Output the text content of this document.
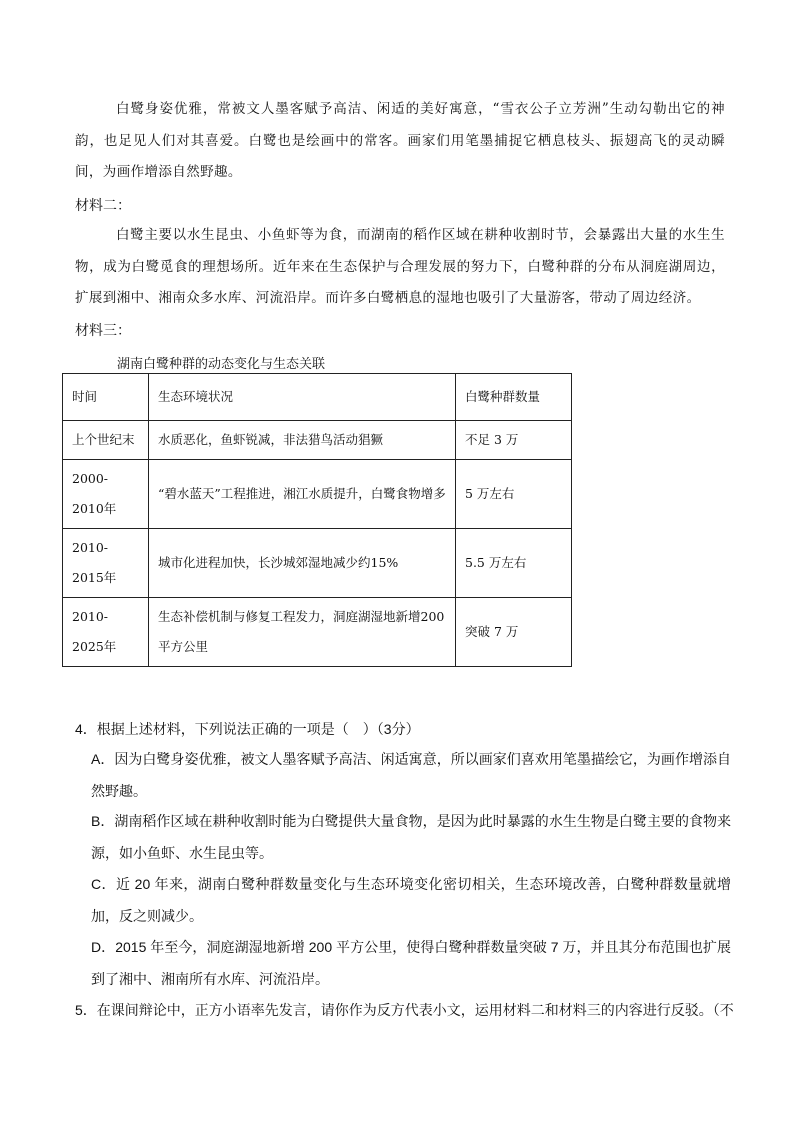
白鹭身姿优雅，常被文人墨客赋予高洁、闲适的美好寓意，“雪衣公子立芳洲”生动勾勒出它的神韵，也足见人们对其喜爱。白鹭也是绘画中的常客。画家们用笔墨捕捉它栖息枝头、振翅高飞的灵动瞬间，为画作增添自然野趣。

材料二：

白鹭主要以水生昆虫、小鱼虾等为食，而湖南的稻作区域在耕种收割时节，会暴露出大量的水生生物，成为白鹭觅食的理想场所。近年来在生态保护与合理发展的努力下，白鹭种群的分布从洞庭湖周边，扩展到湘中、湘南众多水库、河流沿岸。而许多白鹭栖息的湿地也吸引了大量游客，带动了周边经济。

材料三：

湖南白鹭种群的动态变化与生态关联

时间	生态环境状况	白鹭种群数量
上个世纪末	水质恶化，鱼虾锐减，非法猎鸟活动猖獗	不足 3 万
2000-2010年	“碧水蓝天”工程推进，湘江水质提升，白鹭食物增多	5 万左右
2010-2015年	城市化进程加快，长沙城郊湿地减少约15%	5.5 万左右
2010-2025年	生态补偿机制与修复工程发力，洞庭湖湿地新增200 平方公里	突破 7 万

4．根据上述材料，下列说法正确的一项是（　）（3分）

A．因为白鹭身姿优雅，被文人墨客赋予高洁、闲适寓意，所以画家们喜欢用笔墨描绘它，为画作增添自然野趣。

B．湖南稻作区域在耕种收割时能为白鹭提供大量食物，是因为此时暴露的水生生物是白鹭主要的食物来源，如小鱼虾、水生昆虫等。

C．近 20 年来，湖南白鹭种群数量变化与生态环境变化密切相关，生态环境改善，白鹭种群数量就增加，反之则减少。

D．2015 年至今，洞庭湖湿地新增 200 平方公里，使得白鹭种群数量突破 7 万，并且其分布范围也扩展到了湘中、湘南所有水库、河流沿岸。

5．在课间辩论中，正方小语率先发言，请你作为反方代表小文，运用材料二和材料三的内容进行反驳。（不
